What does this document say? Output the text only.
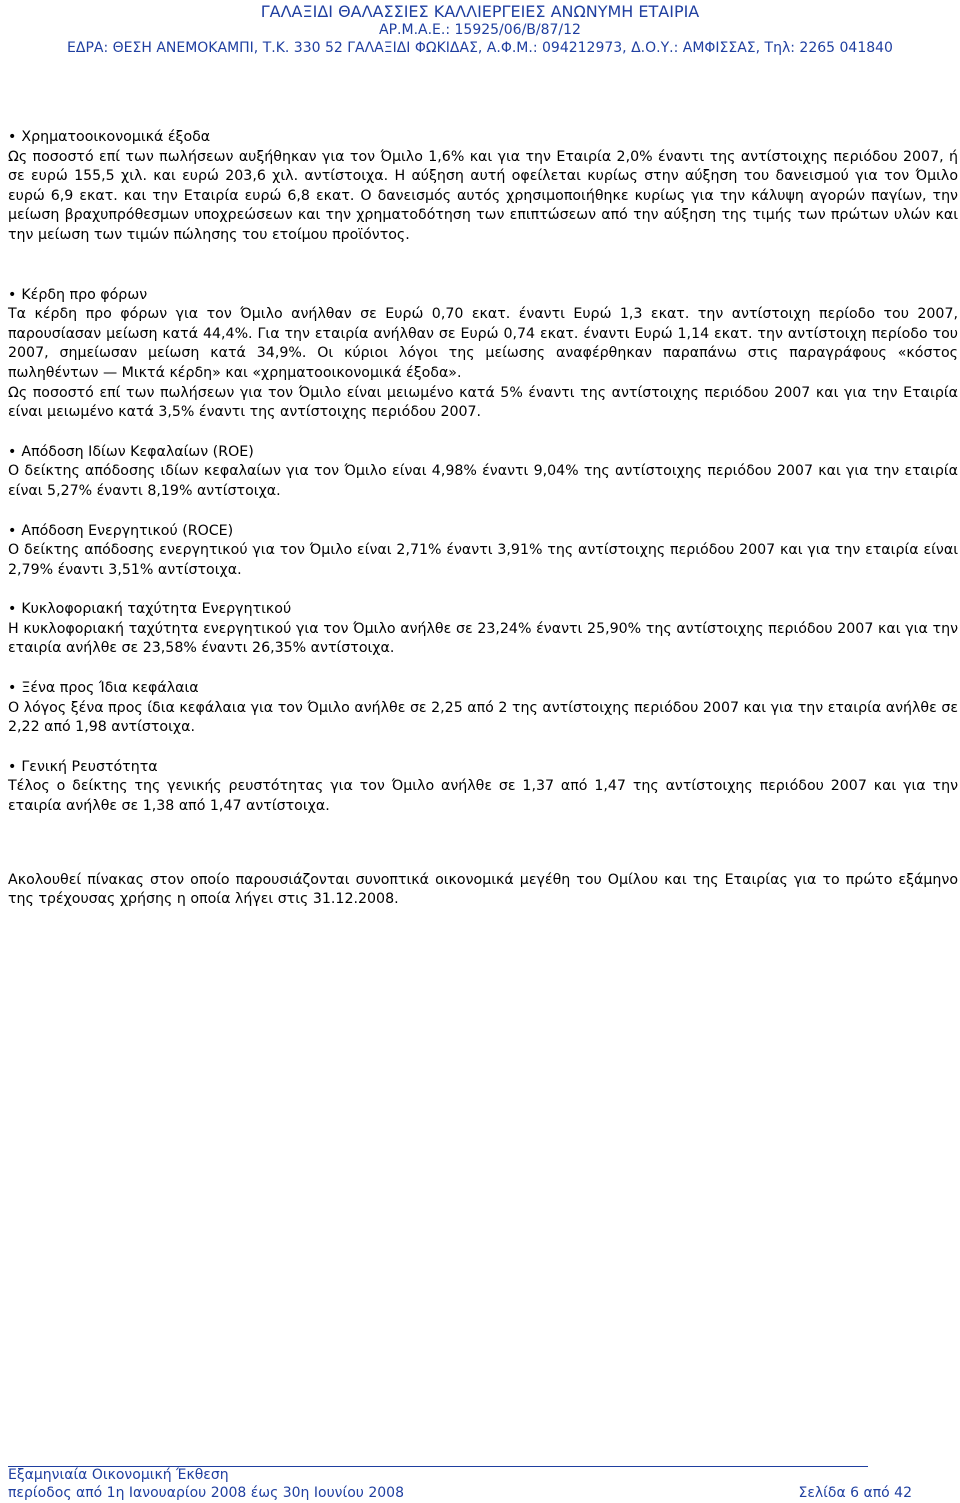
ΓΑΛΑΞΙΔΙ ΘΑΛΑΣΣΙΕΣ ΚΑΛΛΙΕΡΓΕΙΕΣ ΑΝΩΝΥΜΗ ΕΤΑΙΡΙΑ
ΑΡ.Μ.Α.Ε.: 15925/06/Β/87/12
ΕΔΡΑ: ΘΕΣΗ ΑΝΕΜΟΚΑΜΠΙ, Τ.Κ. 330 52 ΓΑΛΑΞΙΔΙ ΦΩΚΙΔΑΣ, Α.Φ.Μ.: 094212973, Δ.Ο.Υ.: ΑΜΦΙΣΣΑΣ, Τηλ: 2265 041840
• Χρηματοοικονομικά έξοδα
Ως ποσοστό επί των πωλήσεων αυξήθηκαν για τον Όμιλο 1,6% και για την Εταιρία 2,0% έναντι της αντίστοιχης περιόδου 2007, ή σε ευρώ 155,5 χιλ. και ευρώ 203,6 χιλ. αντίστοιχα. Η αύξηση αυτή οφείλεται κυρίως στην αύξηση του δανεισμού για τον Όμιλο ευρώ 6,9 εκατ. και την Εταιρία ευρώ 6,8 εκατ. Ο δανεισμός αυτός χρησιμοποιήθηκε κυρίως για την κάλυψη αγορών παγίων, την μείωση βραχυπρόθεσμων υποχρεώσεων και την χρηματοδότηση των επιπτώσεων από την αύξηση της τιμής των πρώτων υλών και την μείωση των τιμών πώλησης του ετοίμου προϊόντος.
• Κέρδη προ φόρων
Τα κέρδη προ φόρων για τον Όμιλο ανήλθαν σε Ευρώ 0,70 εκατ. έναντι Ευρώ 1,3 εκατ. την αντίστοιχη περίοδο του 2007, παρουσίασαν μείωση κατά 44,4%. Για την εταιρία ανήλθαν σε Ευρώ 0,74 εκατ. έναντι Ευρώ 1,14 εκατ. την αντίστοιχη περίοδο του 2007, σημείωσαν μείωση κατά 34,9%. Οι κύριοι λόγοι της μείωσης αναφέρθηκαν παραπάνω στις παραγράφους «κόστος πωληθέντων — Μικτά κέρδη» και «χρηματοοικονομικά έξοδα».
Ως ποσοστό επί των πωλήσεων για τον Όμιλο είναι μειωμένο κατά 5% έναντι της αντίστοιχης περιόδου 2007 και για την Εταιρία είναι μειωμένο κατά 3,5% έναντι της αντίστοιχης περιόδου 2007.
• Απόδοση Ιδίων Κεφαλαίων (ROE)
Ο δείκτης απόδοσης ιδίων κεφαλαίων για τον Όμιλο είναι 4,98% έναντι 9,04% της αντίστοιχης περιόδου 2007 και για την εταιρία είναι 5,27% έναντι 8,19% αντίστοιχα.
• Απόδοση Ενεργητικού (ROCE)
Ο δείκτης απόδοσης ενεργητικού για τον Όμιλο είναι 2,71% έναντι 3,91% της αντίστοιχης περιόδου 2007 και για την εταιρία είναι 2,79% έναντι 3,51% αντίστοιχα.
• Κυκλοφοριακή ταχύτητα Ενεργητικού
Η κυκλοφοριακή ταχύτητα ενεργητικού για τον Όμιλο ανήλθε σε 23,24% έναντι 25,90% της αντίστοιχης περιόδου 2007 και για την εταιρία ανήλθε σε 23,58% έναντι 26,35% αντίστοιχα.
• Ξένα προς Ίδια κεφάλαια
Ο λόγος ξένα προς ίδια κεφάλαια για τον Όμιλο ανήλθε σε 2,25 από 2 της αντίστοιχης περιόδου 2007 και για την εταιρία ανήλθε σε 2,22 από 1,98 αντίστοιχα.
• Γενική Ρευστότητα
Τέλος ο δείκτης της γενικής ρευστότητας για τον Όμιλο ανήλθε σε 1,37 από 1,47 της αντίστοιχης περιόδου 2007 και για την εταιρία ανήλθε σε 1,38 από 1,47 αντίστοιχα.
Ακολουθεί πίνακας στον οποίο παρουσιάζονται συνοπτικά οικονομικά μεγέθη του Ομίλου και της Εταιρίας για το πρώτο εξάμηνο της τρέχουσας χρήσης η οποία λήγει στις 31.12.2008.
Εξαμηνιαία Οικονομική Έκθεση
περίοδος από 1η Ιανουαρίου 2008 έως 30η Ιουνίου 2008	Σελίδα 6 από 42
